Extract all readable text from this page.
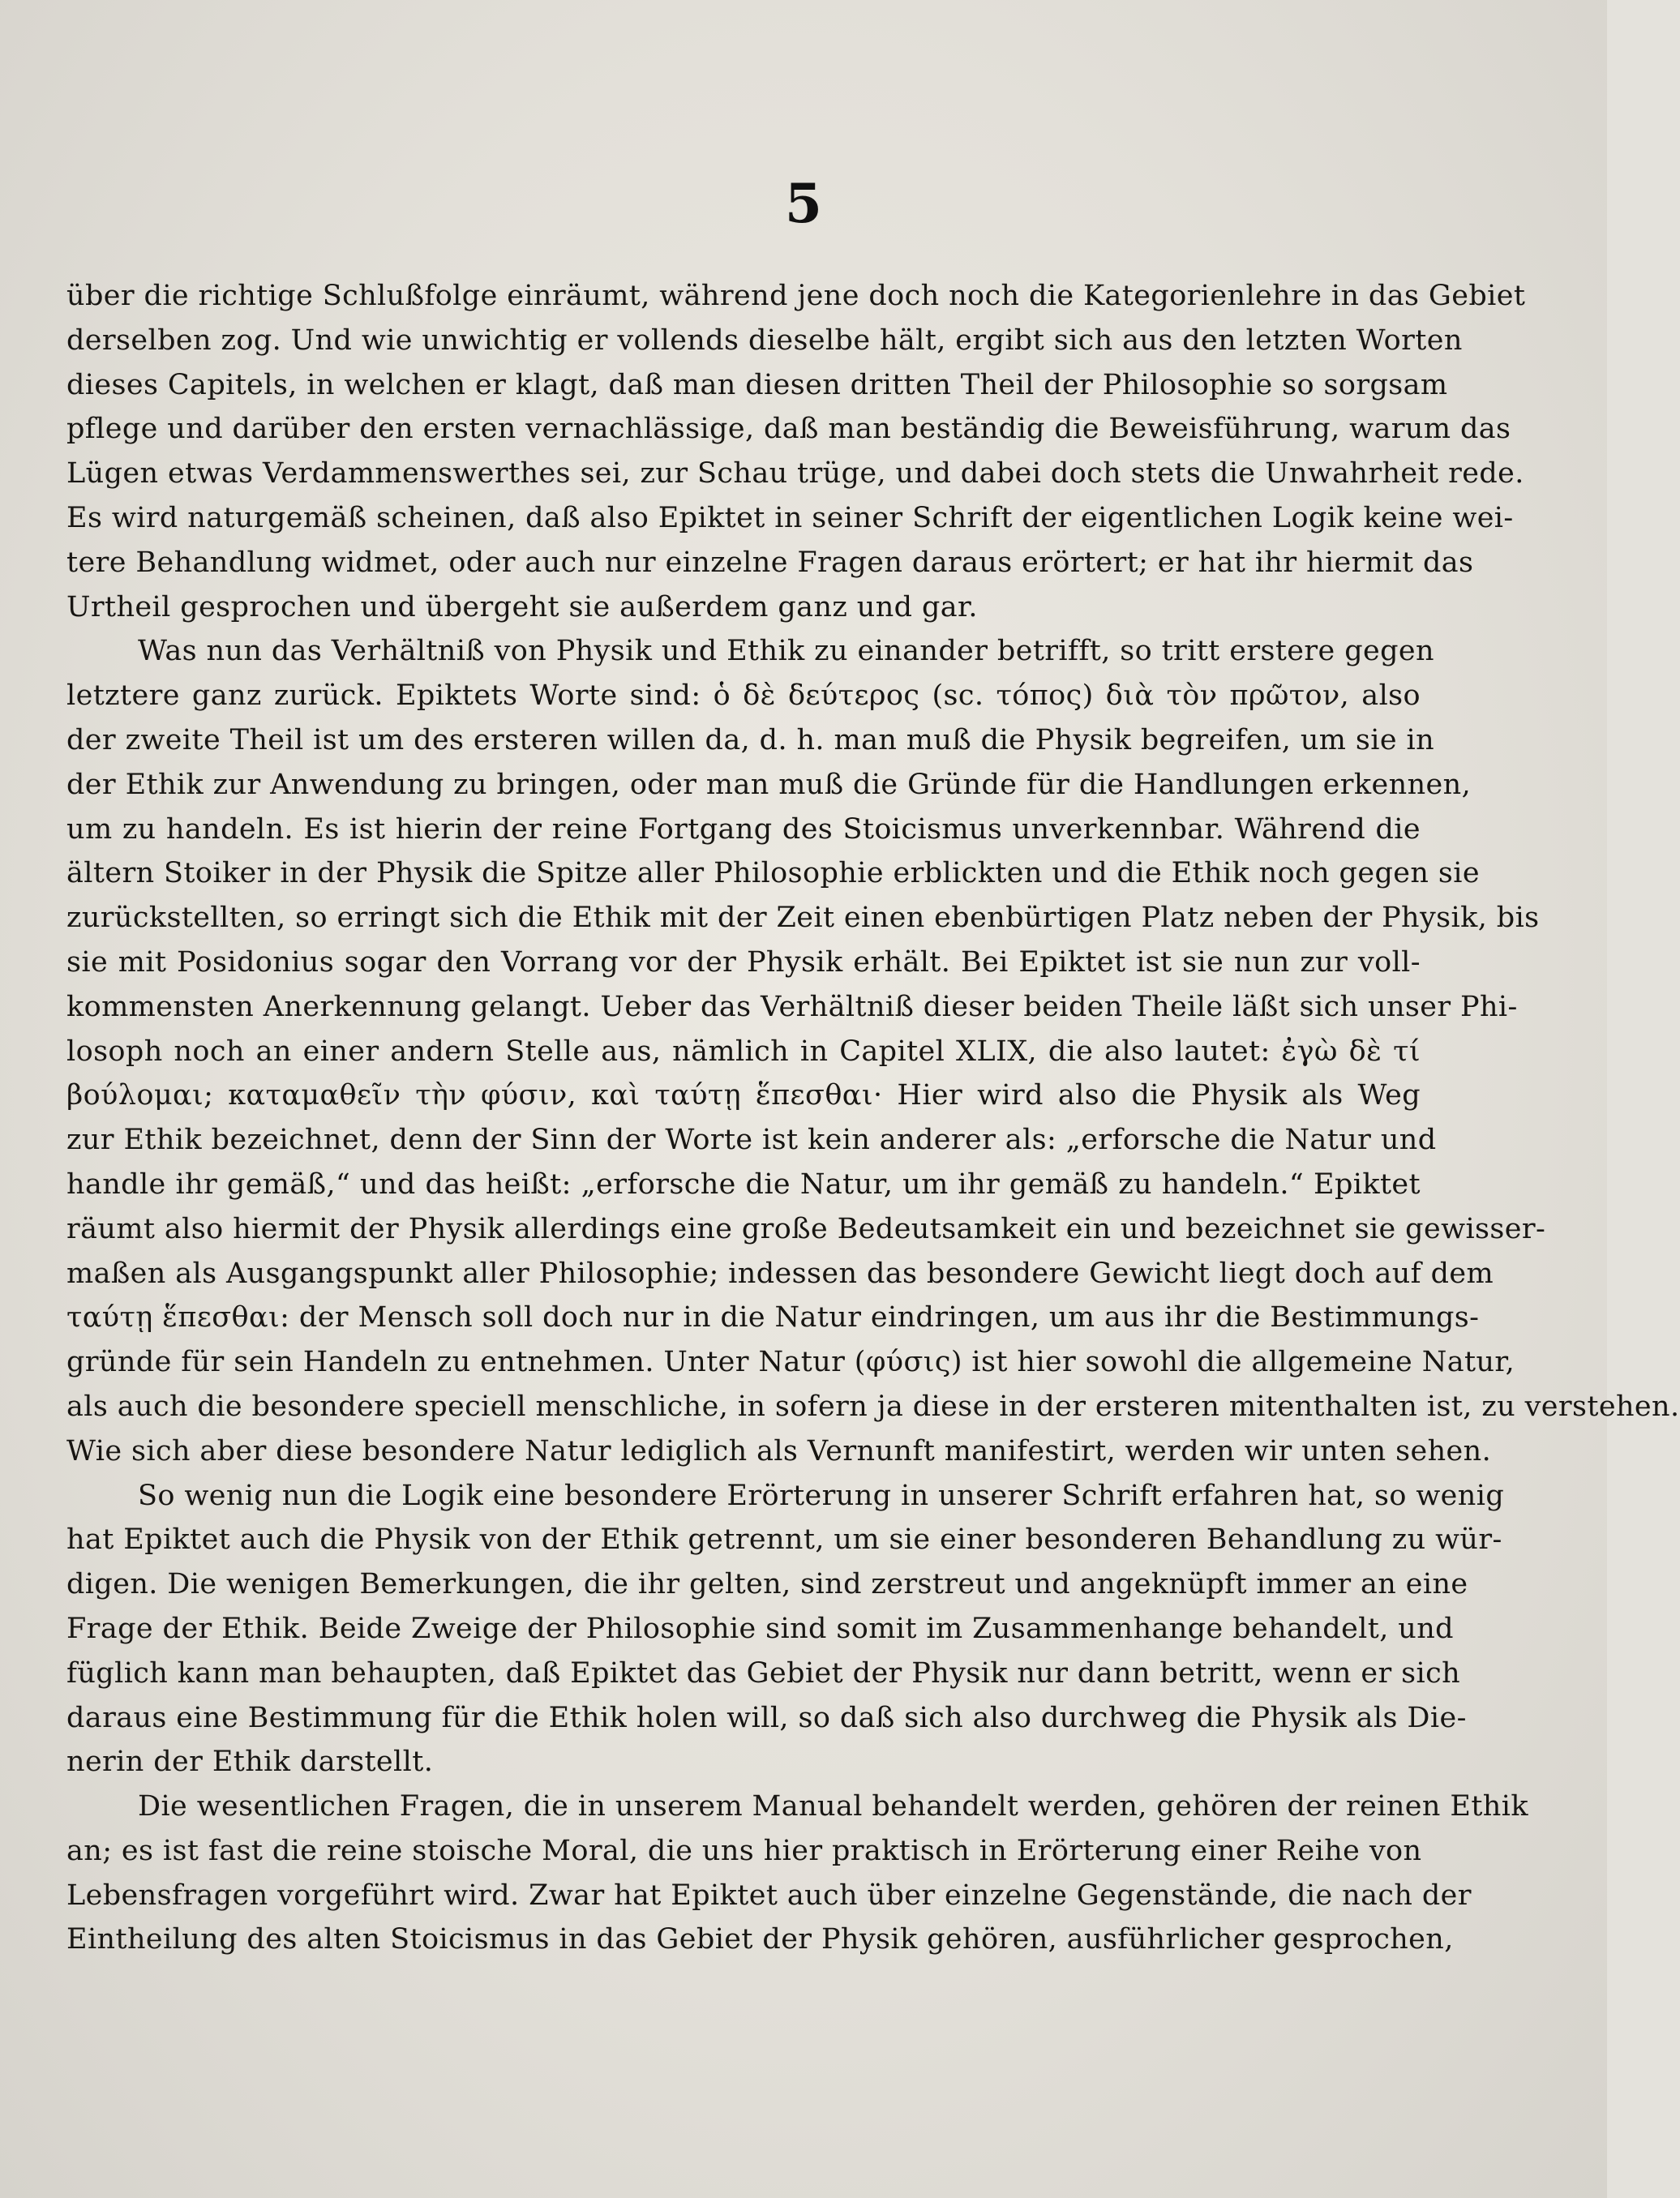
5
über die richtige Schlußfolge einräumt, während jene doch noch die Kategorienlehre in das Gebiet
derselben zog. Und wie unwichtig er vollends dieselbe hält, ergibt sich aus den letzten Worten
dieses Capitels, in welchen er klagt, daß man diesen dritten Theil der Philosophie so sorgsam
pflege und darüber den ersten vernachlässige, daß man beständig die Beweisführung, warum das
Lügen etwas Verdammenswerthes sei, zur Schau trüge, und dabei doch stets die Unwahrheit rede.
Es wird naturgemäß scheinen, daß also Epiktet in seiner Schrift der eigentlichen Logik keine wei-
tere Behandlung widmet, oder auch nur einzelne Fragen daraus erörtert; er hat ihr hiermit das
Urtheil gesprochen und übergeht sie außerdem ganz und gar.
Was nun das Verhältniß von Physik und Ethik zu einander betrifft, so tritt erstere gegen
letztere ganz zurück. Epiktets Worte sind: ὁ δὲ δεύτερος (sc. τόπος) διὰ τὸν πρῶτον, also
der zweite Theil ist um des ersteren willen da, d. h. man muß die Physik begreifen, um sie in
der Ethik zur Anwendung zu bringen, oder man muß die Gründe für die Handlungen erkennen,
um zu handeln. Es ist hierin der reine Fortgang des Stoicismus unverkennbar. Während die
ältern Stoiker in der Physik die Spitze aller Philosophie erblickten und die Ethik noch gegen sie
zurückstellten, so erringt sich die Ethik mit der Zeit einen ebenbürtigen Platz neben der Physik, bis
sie mit Posidonius sogar den Vorrang vor der Physik erhält. Bei Epiktet ist sie nun zur voll-
kommensten Anerkennung gelangt. Ueber das Verhältniß dieser beiden Theile läßt sich unser Phi-
losoph noch an einer andern Stelle aus, nämlich in Capitel XLIX, die also lautet: ἐγὼ δὲ τί
βούλομαι; καταμαθεῖν τὴν φύσιν, καὶ ταύτῃ ἕπεσθαι· Hier wird also die Physik als Weg
zur Ethik bezeichnet, denn der Sinn der Worte ist kein anderer als: „erforsche die Natur und
handle ihr gemäß,“ und das heißt: „erforsche die Natur, um ihr gemäß zu handeln.“ Epiktet
räumt also hiermit der Physik allerdings eine große Bedeutsamkeit ein und bezeichnet sie gewisser-
maßen als Ausgangspunkt aller Philosophie; indessen das besondere Gewicht liegt doch auf dem
ταύτῃ ἕπεσθαι: der Mensch soll doch nur in die Natur eindringen, um aus ihr die Bestimmungs-
gründe für sein Handeln zu entnehmen. Unter Natur (φύσις) ist hier sowohl die allgemeine Natur,
als auch die besondere speciell menschliche, in sofern ja diese in der ersteren mitenthalten ist, zu verstehen.
Wie sich aber diese besondere Natur lediglich als Vernunft manifestirt, werden wir unten sehen.
So wenig nun die Logik eine besondere Erörterung in unserer Schrift erfahren hat, so wenig
hat Epiktet auch die Physik von der Ethik getrennt, um sie einer besonderen Behandlung zu wür-
digen. Die wenigen Bemerkungen, die ihr gelten, sind zerstreut und angeknüpft immer an eine
Frage der Ethik. Beide Zweige der Philosophie sind somit im Zusammenhange behandelt, und
füglich kann man behaupten, daß Epiktet das Gebiet der Physik nur dann betritt, wenn er sich
daraus eine Bestimmung für die Ethik holen will, so daß sich also durchweg die Physik als Die-
nerin der Ethik darstellt.
Die wesentlichen Fragen, die in unserem Manual behandelt werden, gehören der reinen Ethik
an; es ist fast die reine stoische Moral, die uns hier praktisch in Erörterung einer Reihe von
Lebensfragen vorgeführt wird. Zwar hat Epiktet auch über einzelne Gegenstände, die nach der
Eintheilung des alten Stoicismus in das Gebiet der Physik gehören, ausführlicher gesprochen,
